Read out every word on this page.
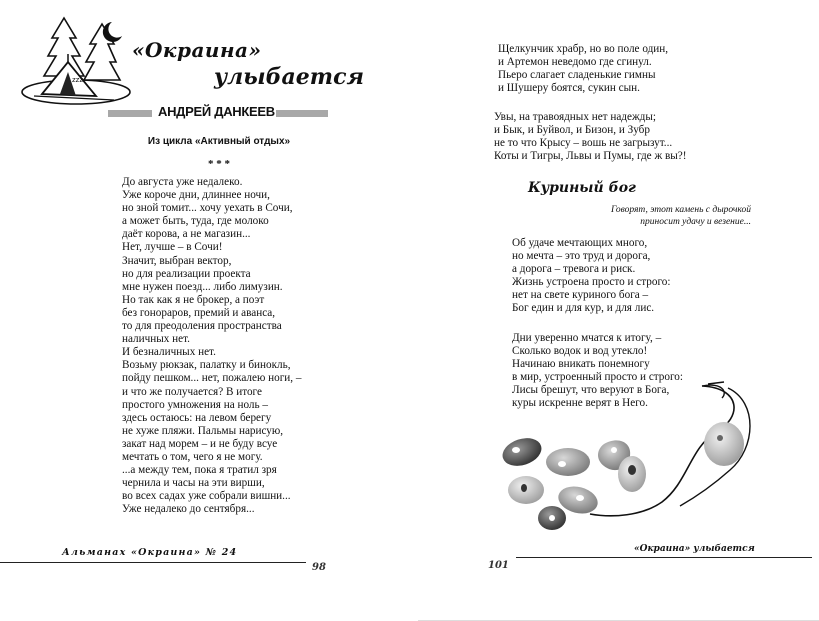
zzz
«Окраина»
улыбается
АНДРЕЙ ДАНКЕЕВ
Из цикла «Активный отдых»
* * *
До августа уже недалеко.
Уже короче дни, длиннее ночи,
но зной томит... хочу уехать в Сочи,
а может быть, туда, где молоко
даёт корова, а не магазин...
Нет, лучше – в Сочи!
Значит, выбран вектор,
но для реализации проекта
мне нужен поезд... либо лимузин.
Но так как я не брокер, а поэт
без гонораров, премий и аванса,
то для преодоления пространства
наличных нет.
И безналичных нет.
Возьму рюкзак, палатку и бинокль,
пойду пешком... нет, пожалею ноги, –
и что же получается? В итоге
простого умножения на ноль –
здесь остаюсь: на левом берегу
не хуже пляжи. Пальмы нарисую,
закат над морем – и не буду всуе
мечтать о том, чего я не могу.
...а между тем, пока я тратил зря
чернила и часы на эти вирши,
во всех садах уже собрали вишни...
Уже недалеко до сентября...
Альманах «Окраина» № 24
98
Щелкунчик храбр, но во поле один,
и Артемон неведомо где сгинул.
Пьеро слагает сладенькие гимны
и Шушеру боятся, сукин сын.
Увы, на травоядных нет надежды;
и Бык, и Буйвол, и Бизон, и Зубр
не то что Крысу – вошь не загрызут...
Коты и Тигры, Львы и Пумы, где ж вы?!
Куриный бог
Говорят, этот камень с дырочкой
приносит удачу и везение...
Об удаче мечтающих много,
но мечта – это труд и дорога,
а дорога – тревога и риск.
Жизнь устроена просто и строго:
нет на свете куриного бога –
Бог един и для кур, и для лис.
Дни уверенно мчатся к итогу, –
Сколько водок и вод утекло!
Начинаю вникать понемногу
в мир, устроенный просто и строго:
Лисы брешут, что веруют в Бога,
куры искренне верят в Него.
«Окраина» улыбается
101
